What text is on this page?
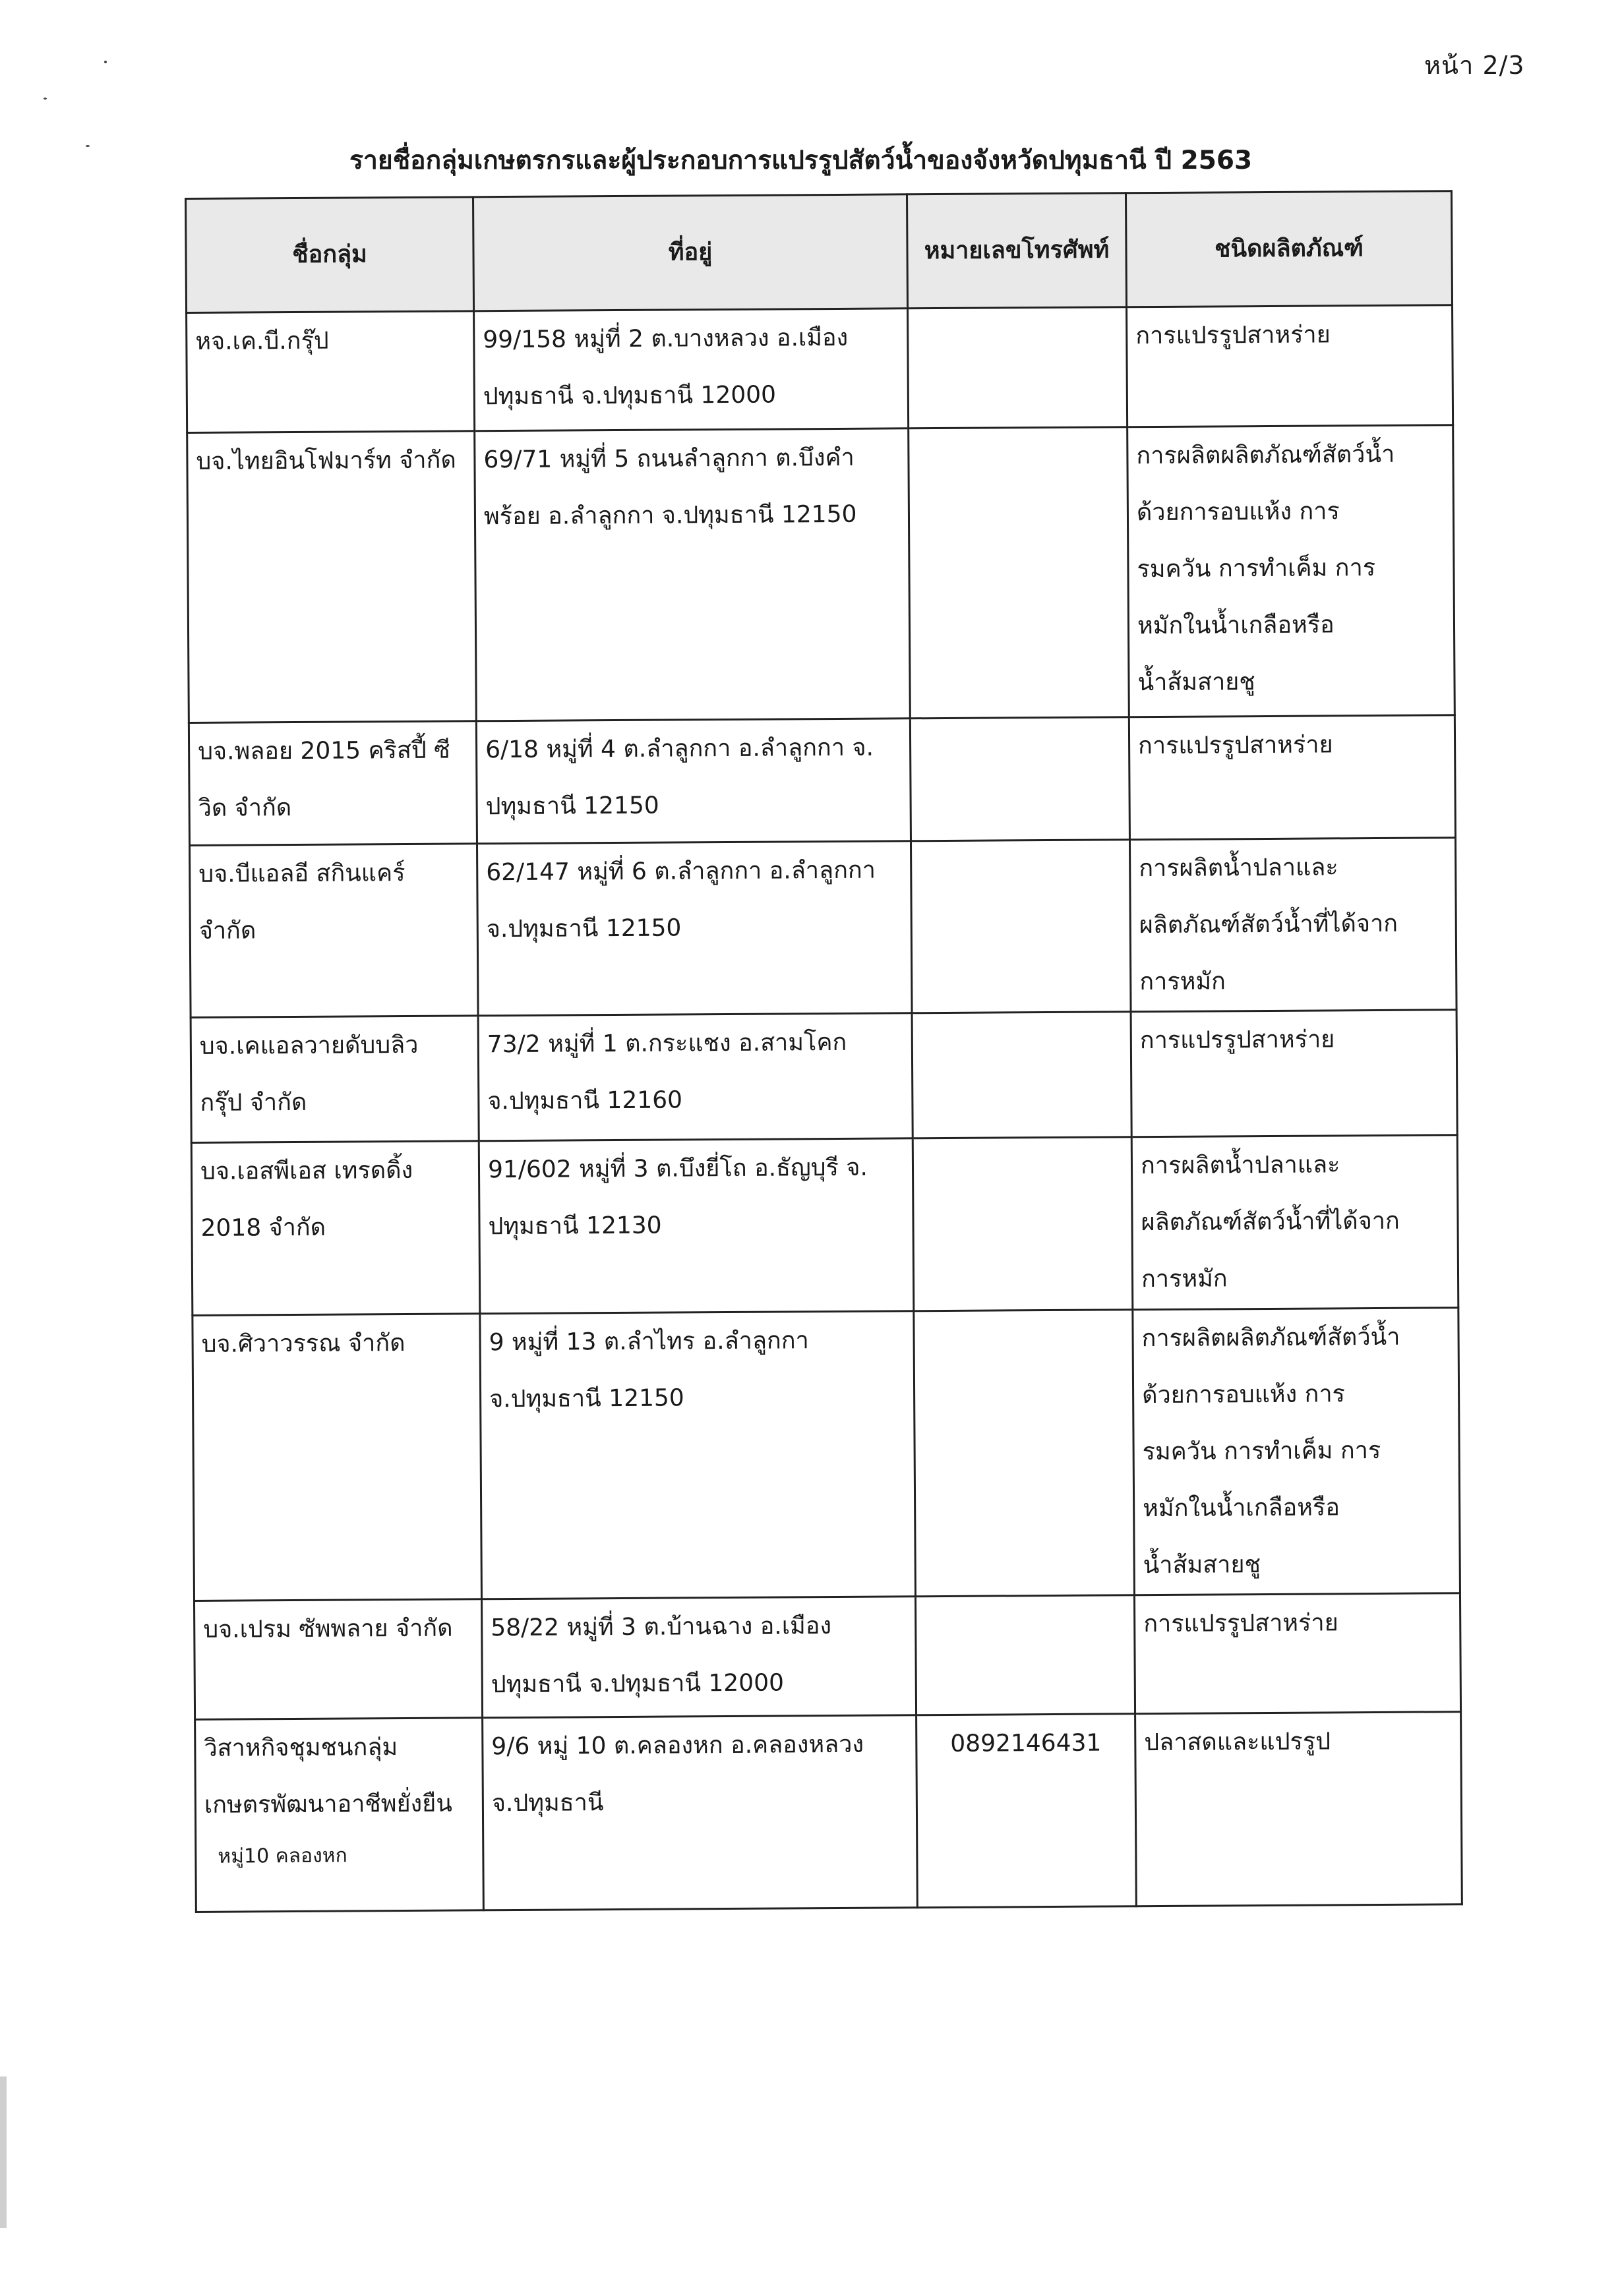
หน้า 2/3
รายชื่อกลุ่มเกษตรกรและผู้ประกอบการแปรรูปสัตว์น้ำของจังหวัดปทุมธานี ปี 2563
ชื่อกลุ่ม	ที่อยู่	หมายเลขโทรศัพท์	ชนิดผลิตภัณฑ์

หจ.เค.บี.กรุ๊ป	99/158 หมู่ที่ 2 ต.บางหลวง อ.เมือง
ปทุมธานี จ.ปทุมธานี 12000		การแปรรูปสาหร่าย

บจ.ไทยอินโฟมาร์ท จำกัด	69/71 หมู่ที่ 5 ถนนลำลูกกา ต.บึงคำ
พร้อย อ.ลำลูกกา จ.ปทุมธานี 12150		การผลิตผลิตภัณฑ์สัตว์น้ำ
ด้วยการอบแห้ง การ
รมควัน การทำเค็ม การ
หมักในน้ำเกลือหรือ
น้ำส้มสายชู

บจ.พลอย 2015 คริสปี้ ซี
วิด จำกัด	6/18 หมู่ที่ 4 ต.ลำลูกกา อ.ลำลูกกา จ.
ปทุมธานี 12150		การแปรรูปสาหร่าย

บจ.บีแอลอี สกินแคร์
จำกัด	62/147 หมู่ที่ 6 ต.ลำลูกกา อ.ลำลูกกา
จ.ปทุมธานี 12150		การผลิตน้ำปลาและ
ผลิตภัณฑ์สัตว์น้ำที่ได้จาก
การหมัก

บจ.เคแอลวายดับบลิว
กรุ๊ป จำกัด	73/2 หมู่ที่ 1 ต.กระแชง อ.สามโคก
จ.ปทุมธานี 12160		การแปรรูปสาหร่าย

บจ.เอสพีเอส เทรดดิ้ง
2018 จำกัด	91/602 หมู่ที่ 3 ต.บึงยี่โถ อ.ธัญบุรี จ.
ปทุมธานี 12130		การผลิตน้ำปลาและ
ผลิตภัณฑ์สัตว์น้ำที่ได้จาก
การหมัก

บจ.ศิวาวรรณ จำกัด	9 หมู่ที่ 13 ต.ลำไทร อ.ลำลูกกา
จ.ปทุมธานี 12150		การผลิตผลิตภัณฑ์สัตว์น้ำ
ด้วยการอบแห้ง การ
รมควัน การทำเค็ม การ
หมักในน้ำเกลือหรือ
น้ำส้มสายชู

บจ.เปรม ซัพพลาย จำกัด	58/22 หมู่ที่ 3 ต.บ้านฉาง อ.เมือง
ปทุมธานี จ.ปทุมธานี 12000		การแปรรูปสาหร่าย

วิสาหกิจชุมชนกลุ่ม
เกษตรพัฒนาอาชีพยั่งยืน
หมู่10 คลองหก	9/6 หมู่ 10 ต.คลองหก อ.คลองหลวง
จ.ปทุมธานี	0892146431	ปลาสดและแปรรูป
